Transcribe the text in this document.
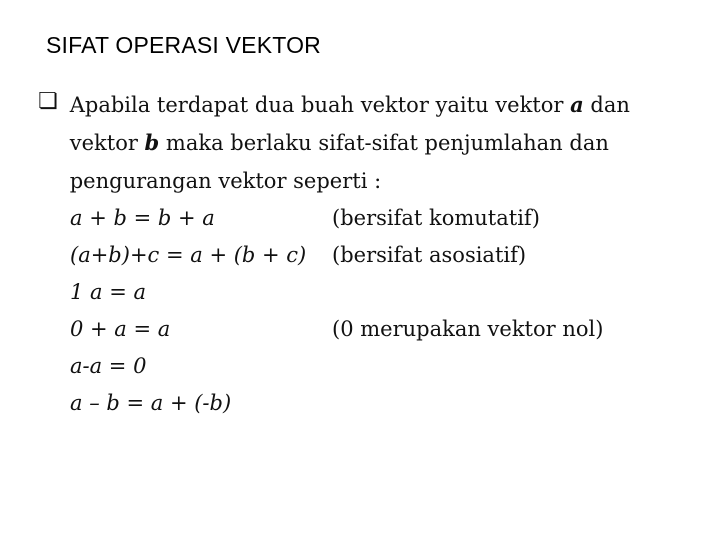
SIFAT OPERASI VEKTOR
❏ Apabila terdapat dua buah vektor yaitu vektor a dan
vektor b maka berlaku sifat-sifat penjumlahan dan
pengurangan vektor seperti :
a + b = b + a	(bersifat komutatif)
(a+b)+c = a + (b + c) (bersifat asosiatif)
1 a = a
0 + a = a	(0 merupakan vektor nol)
a-a = 0
a – b = a + (-b)
